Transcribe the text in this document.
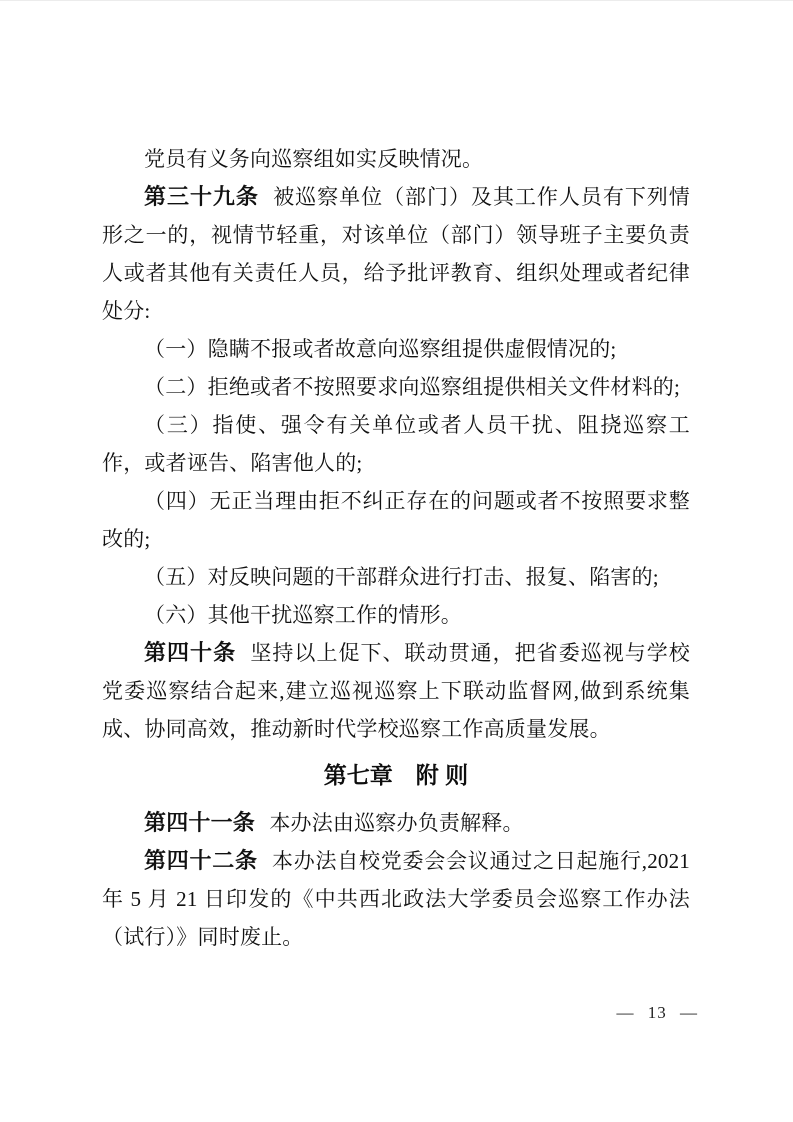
党员有义务向巡察组如实反映情况。

第三十九条 被巡察单位（部门）及其工作人员有下列情形之一的，视情节轻重，对该单位（部门）领导班子主要负责人或者其他有关责任人员，给予批评教育、组织处理或者纪律处分:

（一）隐瞒不报或者故意向巡察组提供虚假情况的;

（二）拒绝或者不按照要求向巡察组提供相关文件材料的;

（三）指使、强令有关单位或者人员干扰、阻挠巡察工作，或者诬告、陷害他人的;

（四）无正当理由拒不纠正存在的问题或者不按照要求整改的;

（五）对反映问题的干部群众进行打击、报复、陷害的;

（六）其他干扰巡察工作的情形。

第四十条 坚持以上促下、联动贯通，把省委巡视与学校党委巡察结合起来,建立巡视巡察上下联动监督网,做到系统集成、协同高效，推动新时代学校巡察工作高质量发展。

第七章　附 则

第四十一条 本办法由巡察办负责解释。

第四十二条 本办法自校党委会会议通过之日起施行,2021 年 5 月 21 日印发的《中共西北政法大学委员会巡察工作办法（试行）》同时废止。

— 13 —
